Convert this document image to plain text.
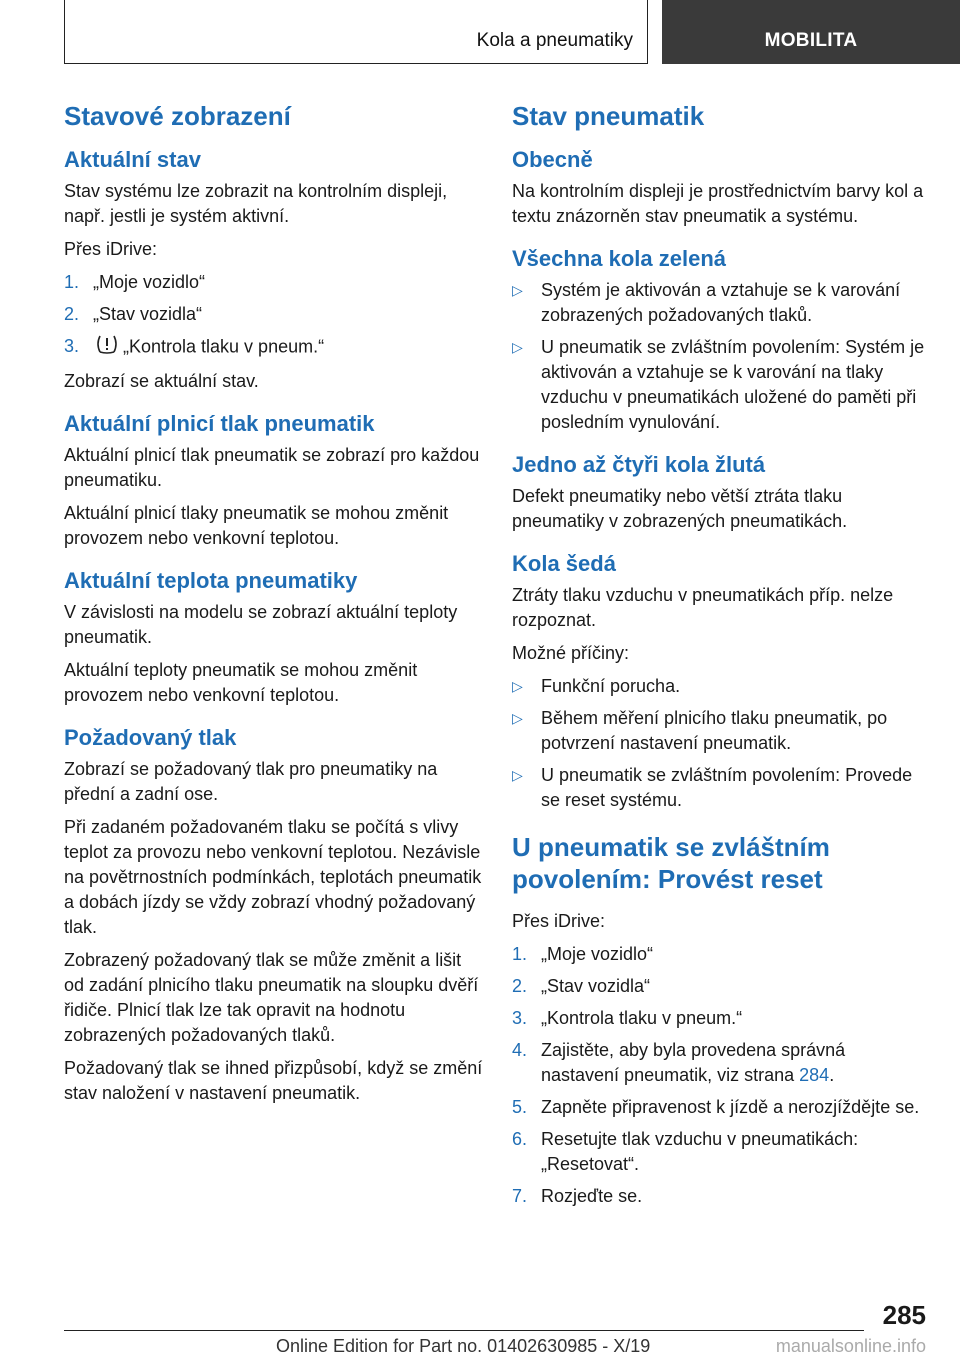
Kola a pneumatiky	MOBILITA
Stavové zobrazení
Aktuální stav

Stav systému lze zobrazit na kontrolním displeji, např. jestli je systém aktivní.

Přes iDrive:

1. „Moje vozidlo“
2. „Stav vozidla“
3. „Kontrola tlaku v pneum.“

Zobrazí se aktuální stav.

Aktuální plnicí tlak pneumatik

Aktuální plnicí tlak pneumatik se zobrazí pro každou pneumatiku.

Aktuální plnicí tlaky pneumatik se mohou změnit provozem nebo venkovní teplotou.

Aktuální teplota pneumatiky

V závislosti na modelu se zobrazí aktuální teploty pneumatik.

Aktuální teploty pneumatik se mohou změnit provozem nebo venkovní teplotou.

Požadovaný tlak

Zobrazí se požadovaný tlak pro pneumatiky na přední a zadní ose.

Při zadaném požadovaném tlaku se počítá s vlivy teplot za provozu nebo venkovní teplotou. Nezávisle na povětrnostních podmínkách, teplotách pneumatik a dobách jízdy se vždy zobrazí vhodný požadovaný tlak.

Zobrazený požadovaný tlak se může změnit a lišit od zadání plnicího tlaku pneumatik na sloupku dvěří řidiče. Plnicí tlak lze tak opravit na hodnotu zobrazených požadovaných tlaků.

Požadovaný tlak se ihned přizpůsobí, když se změní stav naložení v nastavení pneumatik.

Stav pneumatik
Obecně

Na kontrolním displeji je prostřednictvím barvy kol a textu znázorněn stav pneumatik a systému.

Všechna kola zelená
▷ Systém je aktivován a vztahuje se k varování zobrazených požadovaných tlaků.
▷ U pneumatik se zvláštním povolením: Systém je aktivován a vztahuje se k varování na tlaky vzduchu v pneumatikách uložené do paměti při posledním vynulování.
Jedno až čtyři kola žlutá

Defekt pneumatiky nebo větší ztráta tlaku pneumatiky v zobrazených pneumatikách.

Kola šedá

Ztráty tlaku vzduchu v pneumatikách příp. nelze rozpoznat.

Možné příčiny:

▷ Funkční porucha.
▷ Během měření plnicího tlaku pneumatik, po potvrzení nastavení pneumatik.
▷ U pneumatik se zvláštním povolením: Provede se reset systému.
U pneumatik se zvláštním povolením: Provést reset

Přes iDrive:

1. „Moje vozidlo“
2. „Stav vozidla“
3. „Kontrola tlaku v pneum.“
4. Zajistěte, aby byla provedena správná nastavení pneumatik, viz strana 284.
5. Zapněte připravenost k jízdě a nerozjíždějte se.
6. Resetujte tlak vzduchu v pneumatikách: „Resetovat“.
7. Rozjeďte se.
285
Online Edition for Part no. 01402630985 - X/19	manualsonline.info
